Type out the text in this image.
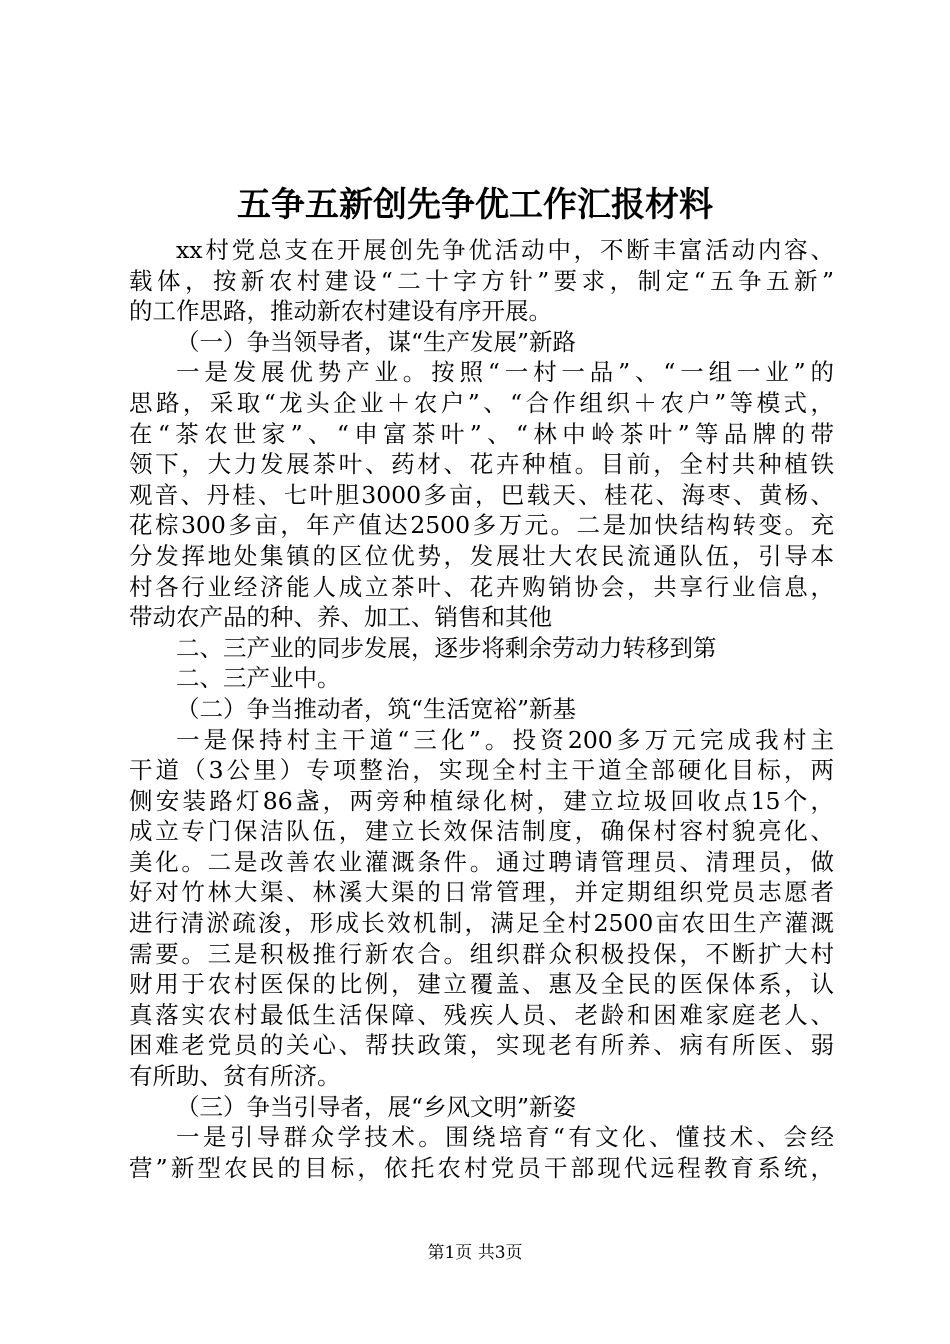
五争五新创先争优工作汇报材料
xx村党总支在开展创先争优活动中，不断丰富活动内容、
载体，按新农村建设“二十字方针”要求，制定“五争五新”
的工作思路，推动新农村建设有序开展。
（一）争当领导者，谋“生产发展”新路
一是发展优势产业。按照“一村一品”、“一组一业”的
思路，采取“龙头企业＋农户”、“合作组织＋农户”等模式，
在“茶农世家”、“申富茶叶”、“林中岭茶叶”等品牌的带
领下，大力发展茶叶、药材、花卉种植。目前，全村共种植铁
观音、丹桂、七叶胆3000多亩，巴载天、桂花、海枣、黄杨、
花棕300多亩，年产值达2500多万元。二是加快结构转变。充
分发挥地处集镇的区位优势，发展壮大农民流通队伍，引导本
村各行业经济能人成立茶叶、花卉购销协会，共享行业信息，
带动农产品的种、养、加工、销售和其他
二、三产业的同步发展，逐步将剩余劳动力转移到第
二、三产业中。
（二）争当推动者，筑“生活宽裕”新基
一是保持村主干道“三化”。投资200多万元完成我村主
干道（3公里）专项整治，实现全村主干道全部硬化目标，两
侧安装路灯86盏，两旁种植绿化树，建立垃圾回收点15个，
成立专门保洁队伍，建立长效保洁制度，确保村容村貌亮化、
美化。二是改善农业灌溉条件。通过聘请管理员、清理员，做
好对竹林大渠、林溪大渠的日常管理，并定期组织党员志愿者
进行清淤疏浚，形成长效机制，满足全村2500亩农田生产灌溉
需要。三是积极推行新农合。组织群众积极投保，不断扩大村
财用于农村医保的比例，建立覆盖、惠及全民的医保体系，认
真落实农村最低生活保障、残疾人员、老龄和困难家庭老人、
困难老党员的关心、帮扶政策，实现老有所养、病有所医、弱
有所助、贫有所济。
（三）争当引导者，展“乡风文明”新姿
一是引导群众学技术。围绕培育“有文化、懂技术、会经
营”新型农民的目标，依托农村党员干部现代远程教育系统，
第1页 共3页
